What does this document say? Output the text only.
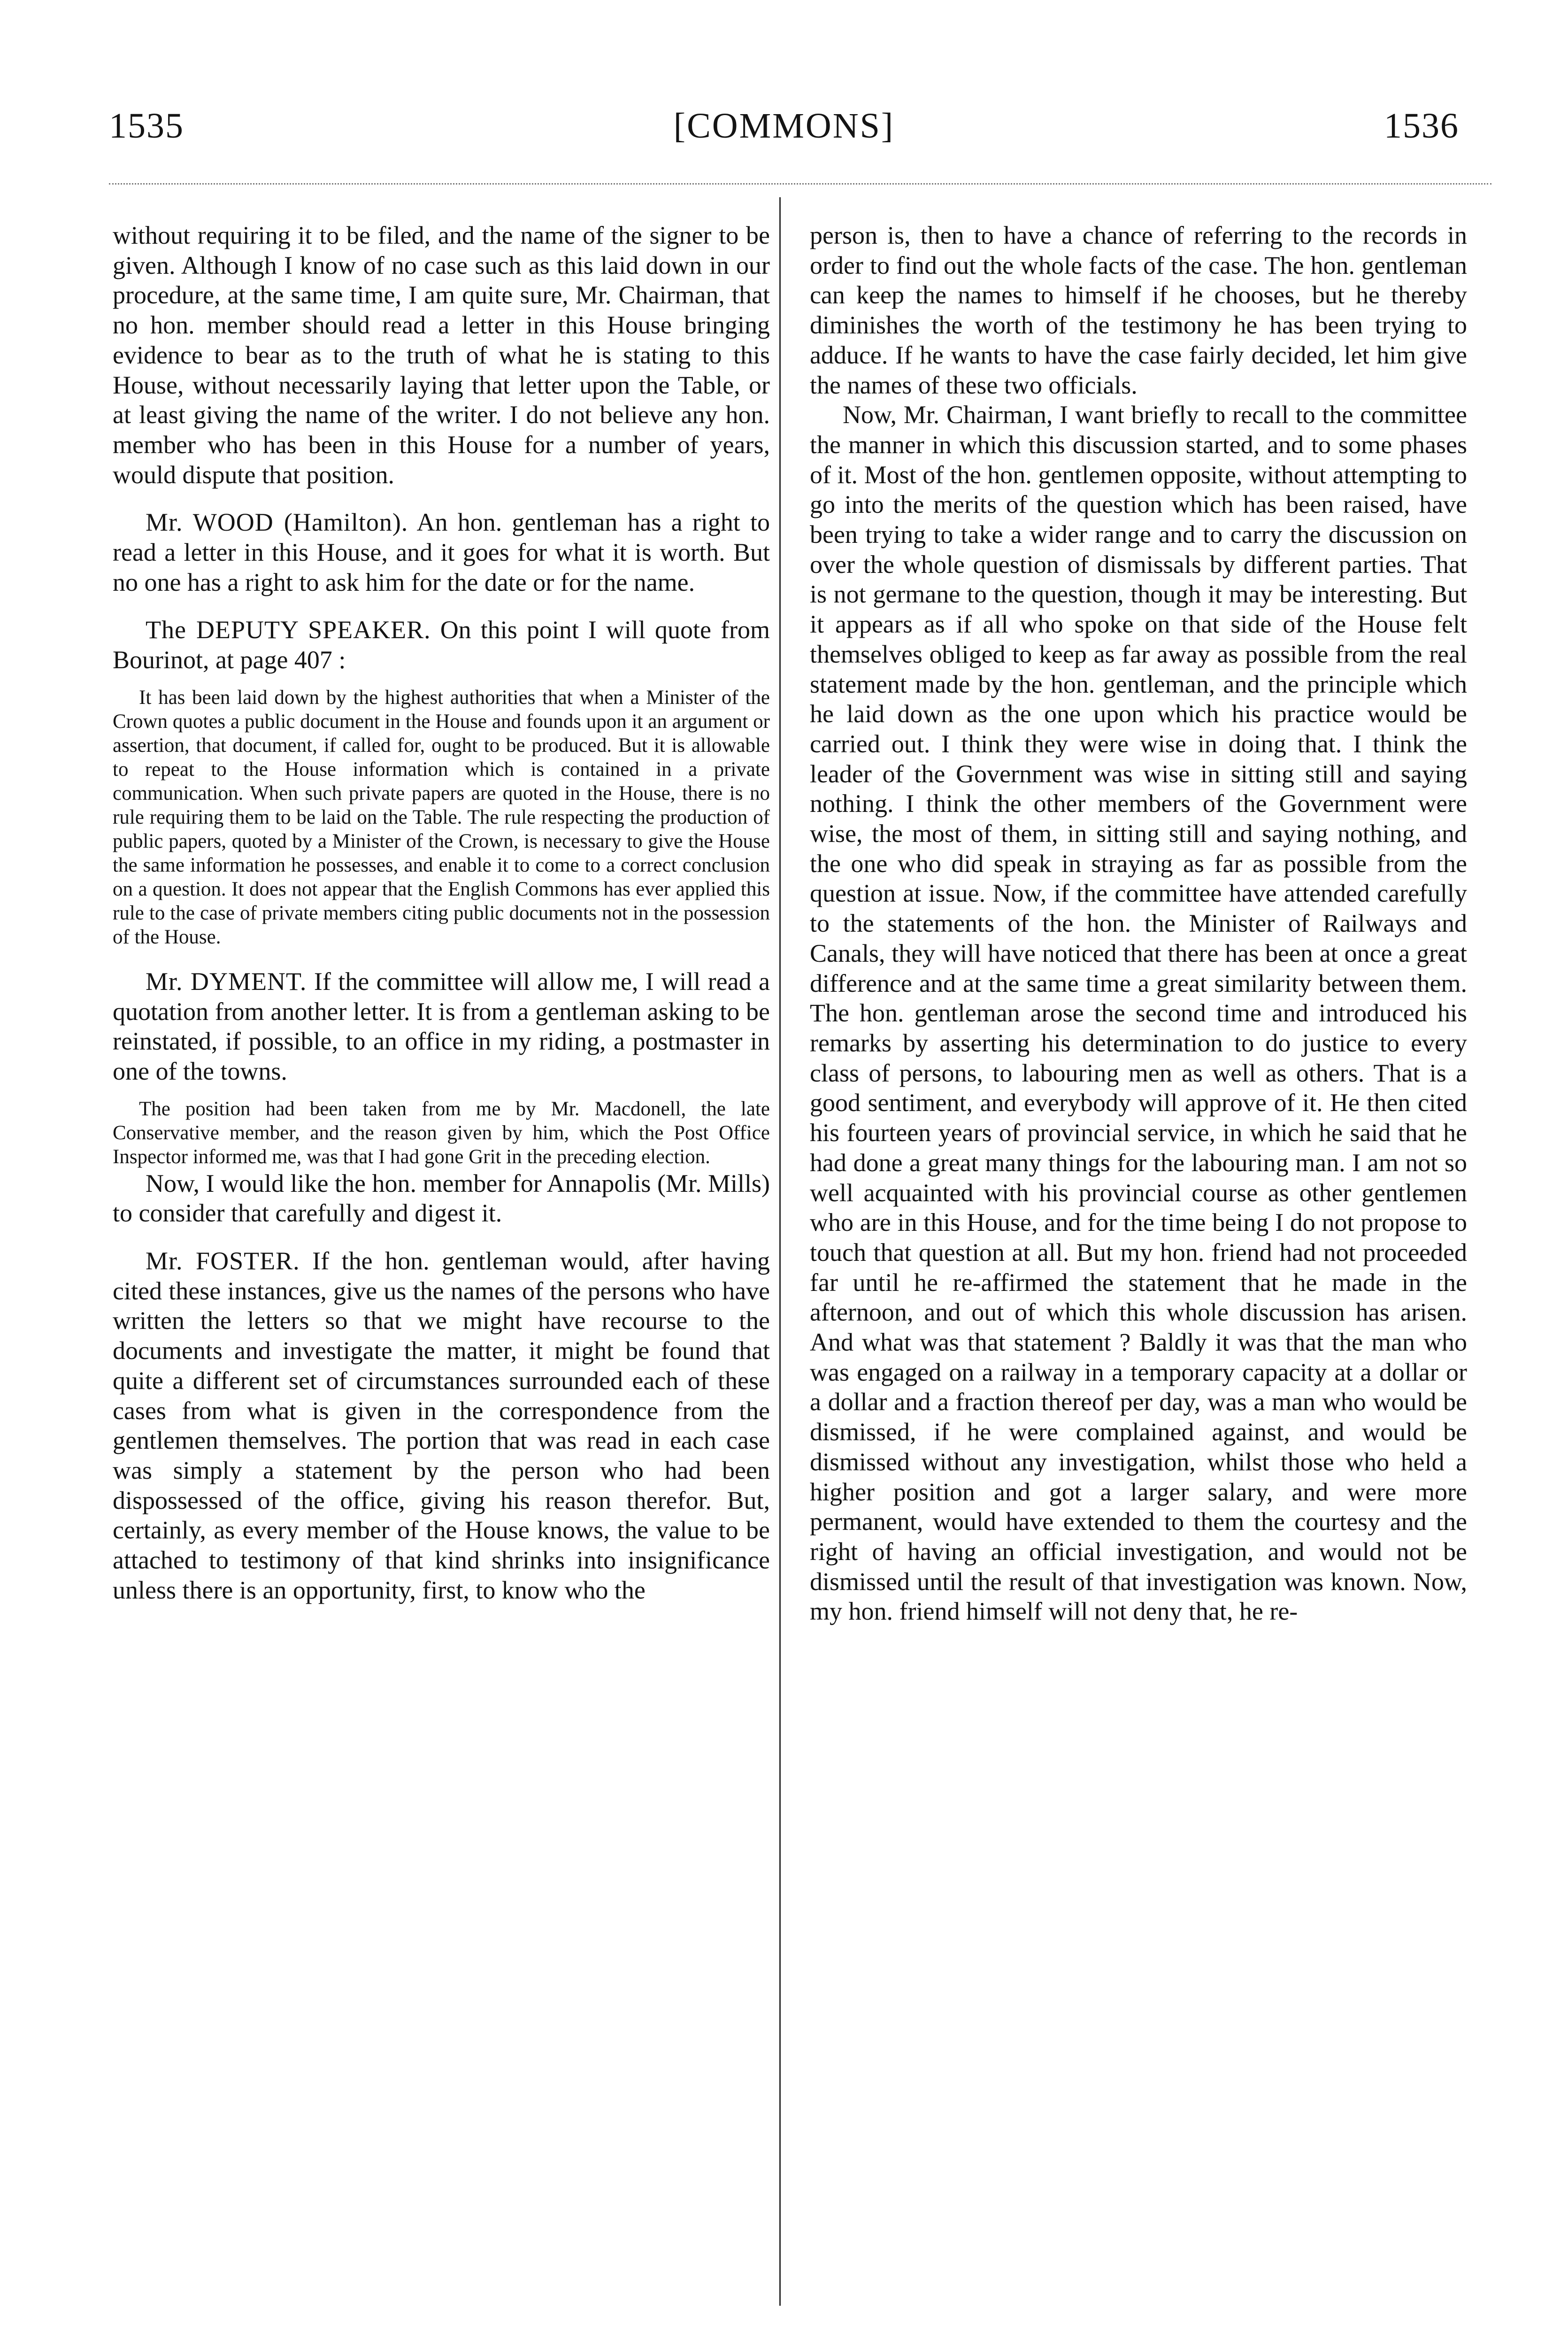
1535	[COMMONS]	1536

without requiring it to be filed, and the name of the signer to be given. Although I know of no case such as this laid down in our procedure, at the same time, I am quite sure, Mr. Chairman, that no hon. member should read a letter in this House bringing evidence to bear as to the truth of what he is stating to this House, without necessarily laying that letter upon the Table, or at least giving the name of the writer. I do not believe any hon. member who has been in this House for a number of years, would dispute that position.

Mr. WOOD (Hamilton). An hon. gentleman has a right to read a letter in this House, and it goes for what it is worth. But no one has a right to ask him for the date or for the name.

The DEPUTY SPEAKER. On this point I will quote from Bourinot, at page 407 :

It has been laid down by the highest authorities that when a Minister of the Crown quotes a public document in the House and founds upon it an argument or assertion, that document, if called for, ought to be produced. But it is allowable to repeat to the House information which is contained in a private communication. When such private papers are quoted in the House, there is no rule requiring them to be laid on the Table. The rule respecting the production of public papers, quoted by a Minister of the Crown, is necessary to give the House the same information he possesses, and enable it to come to a correct conclusion on a question. It does not appear that the English Commons has ever applied this rule to the case of private members citing public documents not in the possession of the House.

Mr. DYMENT. If the committee will allow me, I will read a quotation from another letter. It is from a gentleman asking to be reinstated, if possible, to an office in my riding, a postmaster in one of the towns.

The position had been taken from me by Mr. Macdonell, the late Conservative member, and the reason given by him, which the Post Office Inspector informed me, was that I had gone Grit in the preceding election.

Now, I would like the hon. member for Annapolis (Mr. Mills) to consider that carefully and digest it.

Mr. FOSTER. If the hon. gentleman would, after having cited these instances, give us the names of the persons who have written the letters so that we might have recourse to the documents and investigate the matter, it might be found that quite a different set of circumstances surrounded each of these cases from what is given in the correspondence from the gentlemen themselves. The portion that was read in each case was simply a statement by the person who had been dispossessed of the office, giving his reason therefor. But, certainly, as every member of the House knows, the value to be attached to testimony of that kind shrinks into insignificance unless there is an opportunity, first, to know who the

person is, then to have a chance of referring to the records in order to find out the whole facts of the case. The hon. gentleman can keep the names to himself if he chooses, but he thereby diminishes the worth of the testimony he has been trying to adduce. If he wants to have the case fairly decided, let him give the names of these two officials.

Now, Mr. Chairman, I want briefly to recall to the committee the manner in which this discussion started, and to some phases of it. Most of the hon. gentlemen opposite, without attempting to go into the merits of the question which has been raised, have been trying to take a wider range and to carry the discussion on over the whole question of dismissals by different parties. That is not germane to the question, though it may be interesting. But it appears as if all who spoke on that side of the House felt themselves obliged to keep as far away as possible from the real statement made by the hon. gentleman, and the principle which he laid down as the one upon which his practice would be carried out. I think they were wise in doing that. I think the leader of the Government was wise in sitting still and saying nothing. I think the other members of the Government were wise, the most of them, in sitting still and saying nothing, and the one who did speak in straying as far as possible from the question at issue. Now, if the committee have attended carefully to the statements of the hon. the Minister of Railways and Canals, they will have noticed that there has been at once a great difference and at the same time a great similarity between them. The hon. gentleman arose the second time and introduced his remarks by asserting his determination to do justice to every class of persons, to labouring men as well as others. That is a good sentiment, and everybody will approve of it. He then cited his fourteen years of provincial service, in which he said that he had done a great many things for the labouring man. I am not so well acquainted with his provincial course as other gentlemen who are in this House, and for the time being I do not propose to touch that question at all. But my hon. friend had not proceeded far until he re-affirmed the statement that he made in the afternoon, and out of which this whole discussion has arisen. And what was that statement ? Baldly it was that the man who was engaged on a railway in a temporary capacity at a dollar or a dollar and a fraction thereof per day, was a man who would be dismissed, if he were complained against, and would be dismissed without any investigation, whilst those who held a higher position and got a larger salary, and were more permanent, would have extended to them the courtesy and the right of having an official investigation, and would not be dismissed until the result of that investigation was known. Now, my hon. friend himself will not deny that, he re-
